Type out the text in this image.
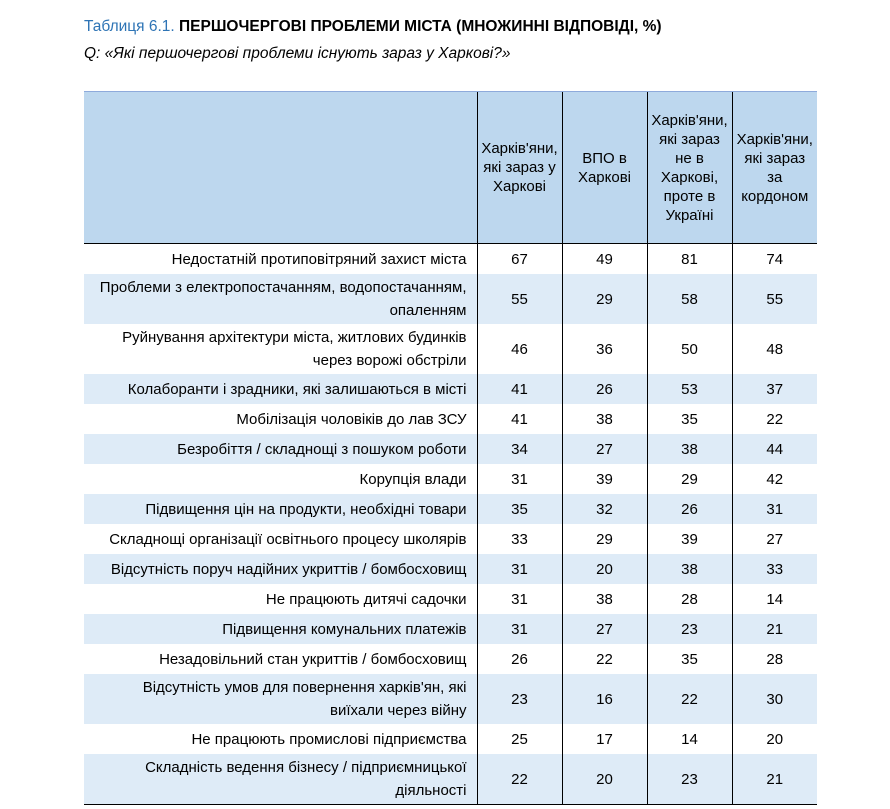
Таблиця 6.1. ПЕРШОЧЕРГОВІ ПРОБЛЕМИ МІСТА (МНОЖИННІ ВІДПОВІДІ, %)
Q: «Які першочергові проблеми існують зараз у Харкові?»
	Харків'яни, які зараз у Харкові	ВПО в Харкові	Харків'яни, які зараз не в Харкові, проте в Україні	Харків'яни, які зараз за кордоном
Недостатній протиповітряний захист міста	67	49	81	74
Проблеми з електропостачанням, водопостачанням, опаленням	55	29	58	55
Руйнування архітектури міста, житлових будинків через ворожі обстріли	46	36	50	48
Колаборанти і зрадники, які залишаються в місті	41	26	53	37
Мобілізація чоловіків до лав ЗСУ	41	38	35	22
Безробіття / складнощі з пошуком роботи	34	27	38	44
Корупція влади	31	39	29	42
Підвищення цін на продукти, необхідні товари	35	32	26	31
Складнощі організації освітнього процесу школярів	33	29	39	27
Відсутність поруч надійних укриттів / бомбосховищ	31	20	38	33
Не працюють дитячі садочки	31	38	28	14
Підвищення комунальних платежів	31	27	23	21
Незадовільний стан укриттів / бомбосховищ	26	22	35	28
Відсутність умов для повернення харків'ян, які виїхали через війну	23	16	22	30
Не працюють промислові підприємства	25	17	14	20
Складність ведення бізнесу / підприємницької діяльності	22	20	23	21
